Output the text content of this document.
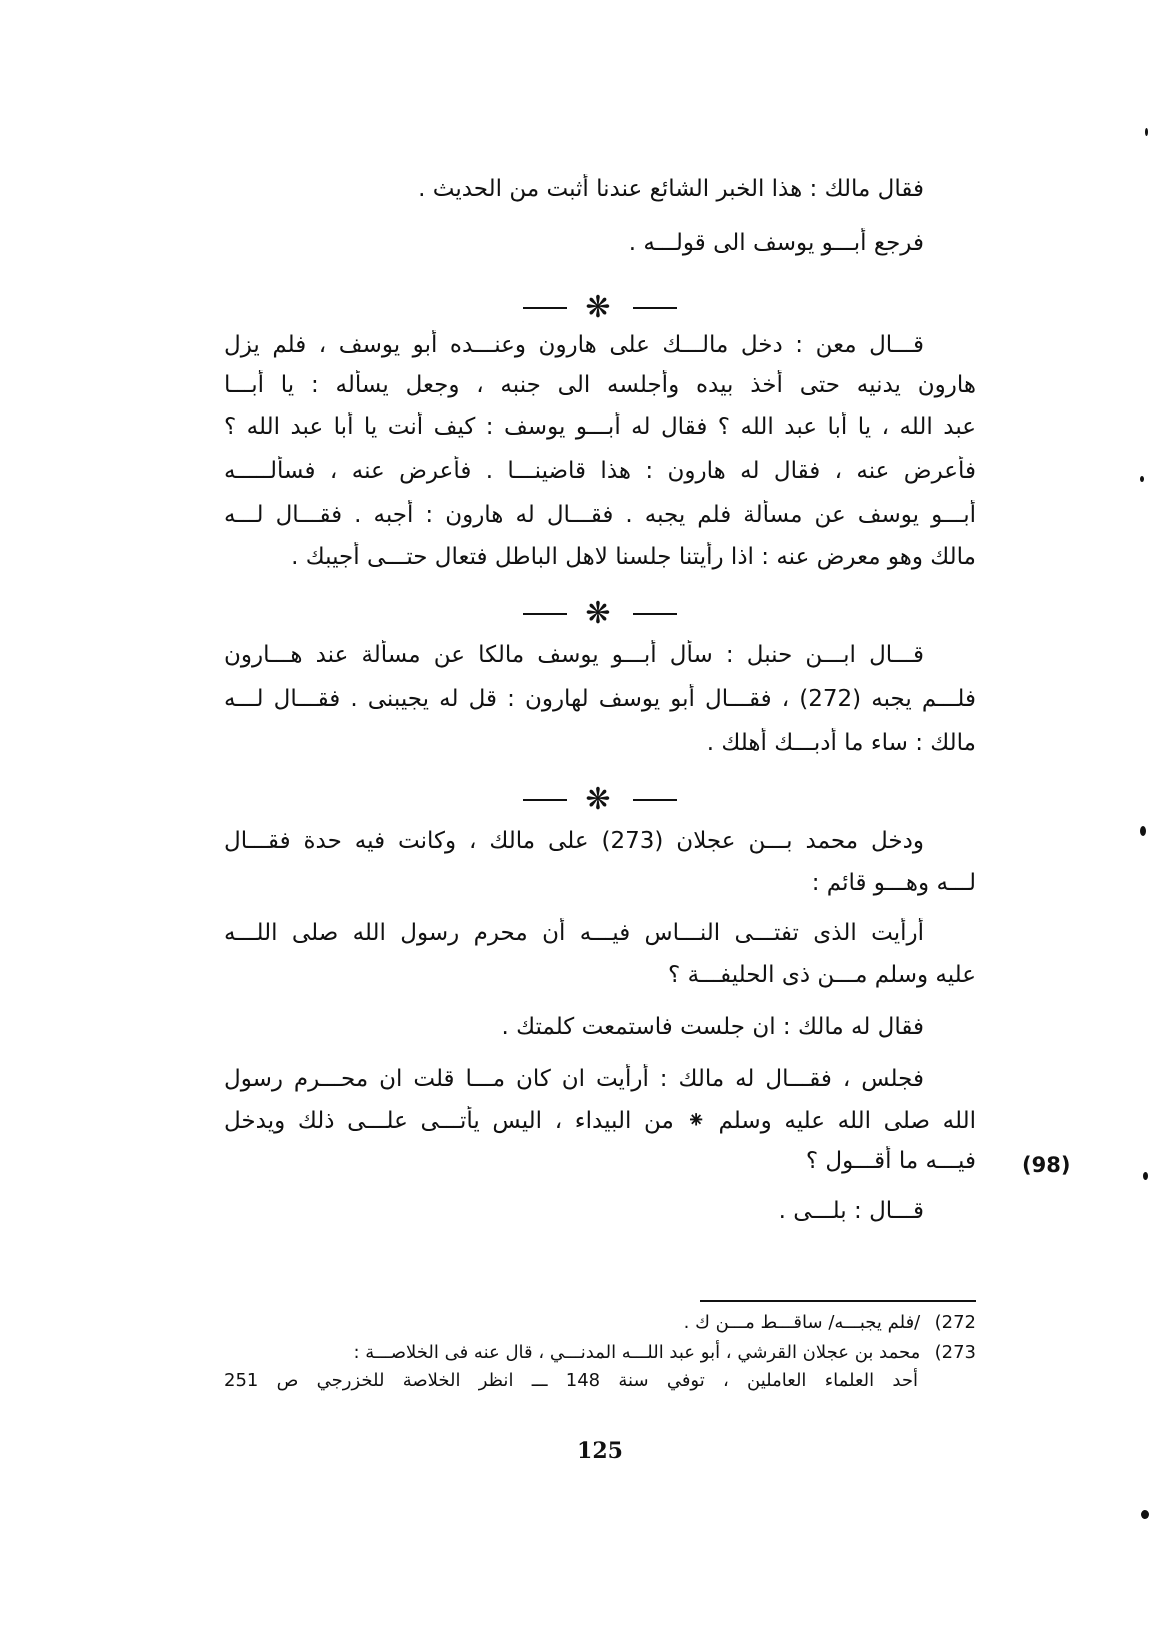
فقال مالك : هذا الخبر الشائع عندنا أثبت من الحديث .
فرجع أبـــو يوسف الى قولـــه .
قـــال معن : دخل مالـــك على هارون وعنـــده أبو يوسف ، فلم يزل
هارون يدنيه حتى أخذ بيده وأجلسه الى جنبه ، وجعل يسأله : يا أبـــا
عبد الله ، يا أبا عبد الله ؟ فقال له أبـــو يوسف : كيف أنت يا أبا عبد الله ؟
فأعرض عنه ، فقال له هارون : هذا قاضينـــا . فأعرض عنه ، فسألـــــه
أبـــو يوسف عن مسألة فلم يجبه . فقـــال له هارون : أجبه . فقـــال لـــه
مالك وهو معرض عنه : اذا رأيتنا جلسنا لاهل الباطل فتعال حتـــى أجيبك .
قـــال ابـــن حنبل : سأل أبـــو يوسف مالكا عن مسألة عند هـــارون
فلـــم يجبه (272) ، فقـــال أبو يوسف لهارون : قل له يجيبنى . فقـــال لـــه
مالك : ساء ما أدبـــك أهلك .
ودخل محمد بـــن عجلان (273) على مالك ، وكانت فيه حدة فقـــال
لـــه وهـــو قائم :
أرأيت الذى تفتـــى النـــاس فيـــه أن محرم رسول الله صلى اللـــه
عليه وسلم مـــن ذى الحليفـــة ؟
فقال له مالك : ان جلست فاستمعت كلمتك .
فجلس ، فقـــال له مالك : أرأيت ان كان مـــا قلت ان محـــرم رسول
الله صلى الله عليه وسلم ⁕ من البيداء ، اليس يأتـــى علـــى ذلك ويدخل
فيـــه ما أقـــول ؟
قـــال : بلـــى .
❋
❋
❋
(98)
272) /فلم يجبـــه/ ساقـــط مـــن ك .
273) محمد بن عجلان القرشي ، أبو عبد اللـــه المدنـــي ، قال عنه فى الخلاصـــة :
أحد العلماء العاملين ، توفي سنة 148 ـــ انظر الخلاصة للخزرجي ص 251
125
